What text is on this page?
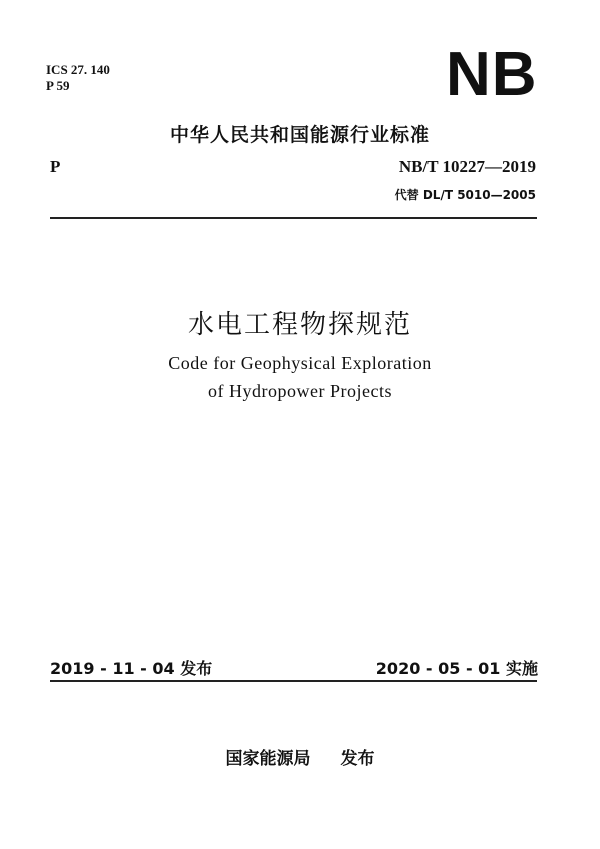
ICS 27. 140
P 59	NB
中华人民共和国能源行业标准
P	NB/T 10227—2019
代替 DL/T 5010—2005
水电工程物探规范
Code for Geophysical Exploration
of Hydropower Projects
2019 - 11 - 04 发布	2020 - 05 - 01 实施
国家能源局 发布
